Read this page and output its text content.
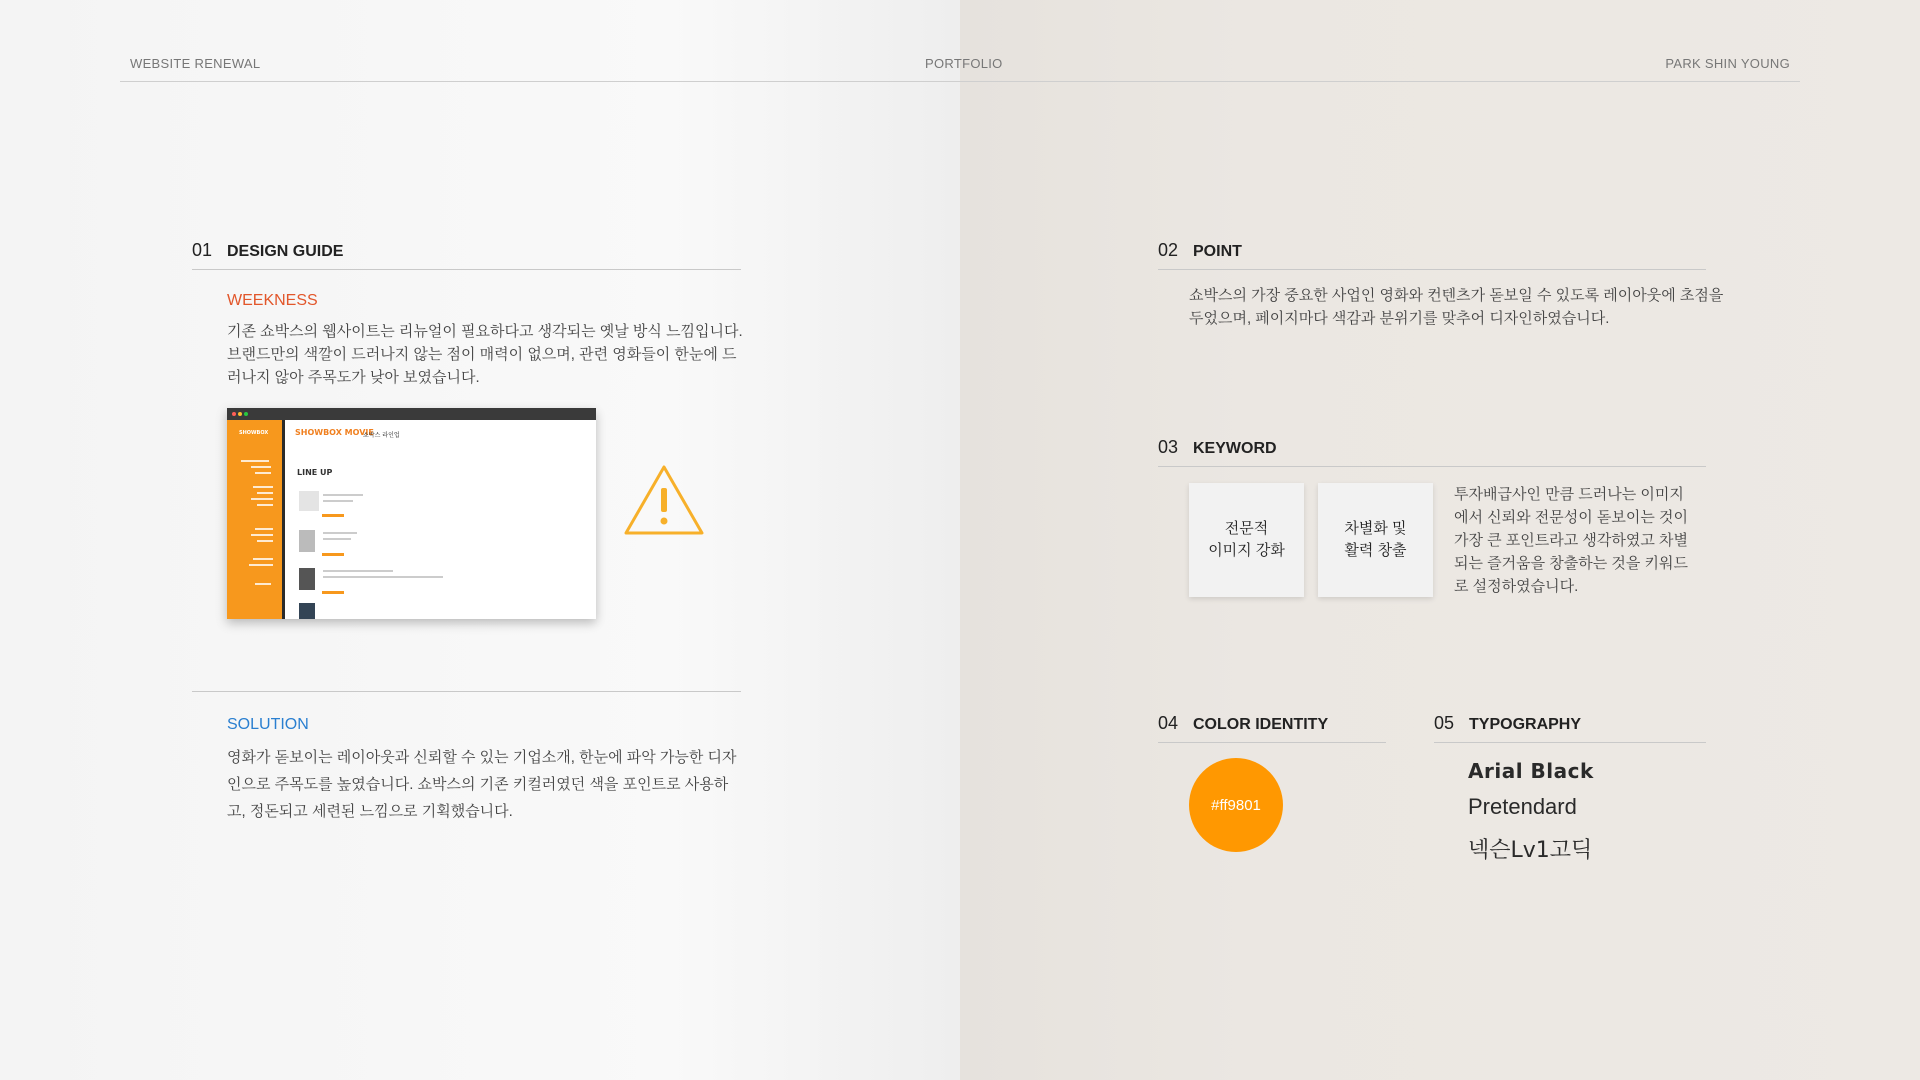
WEBSITE RENEWAL	PORTFOLIO	PARK SHIN YOUNG
01 DESIGN GUIDE
WEEKNESS
기존 쇼박스의 웹사이트는 리뉴얼이 필요하다고 생각되는 옛날 방식 느낌입니다.
브랜드만의 색깔이 드러나지 않는 점이 매력이 없으며, 관련 영화들이 한눈에 드
러나지 않아 주목도가 낮아 보였습니다.
SHOWBOX	SHOWBOX MOVIE
쇼박스 라인업
LINE UP
SOLUTION
영화가 돋보이는 레이아웃과 신뢰할 수 있는 기업소개, 한눈에 파악 가능한 디자
인으로 주목도를 높였습니다. 쇼박스의 기존 키컬러였던 색을 포인트로 사용하
고, 정돈되고 세련된 느낌으로 기획했습니다.
02 POINT
쇼박스의 가장 중요한 사업인 영화와 컨텐츠가 돋보일 수 있도록 레이아웃에 초점을
두었으며, 페이지마다 색감과 분위기를 맞추어 디자인하였습니다.
03 KEYWORD
전문적
이미지 강화
차별화 및
활력 창출
투자배급사인 만큼 드러나는 이미지
에서 신뢰와 전문성이 돋보이는 것이
가장 큰 포인트라고 생각하였고 차별
되는 즐거움을 창출하는 것을 키워드
로 설정하였습니다.
04 COLOR IDENTITY
#ff9801
05 TYPOGRAPHY
Arial Black
Pretendard
넥슨Lv1고딕
